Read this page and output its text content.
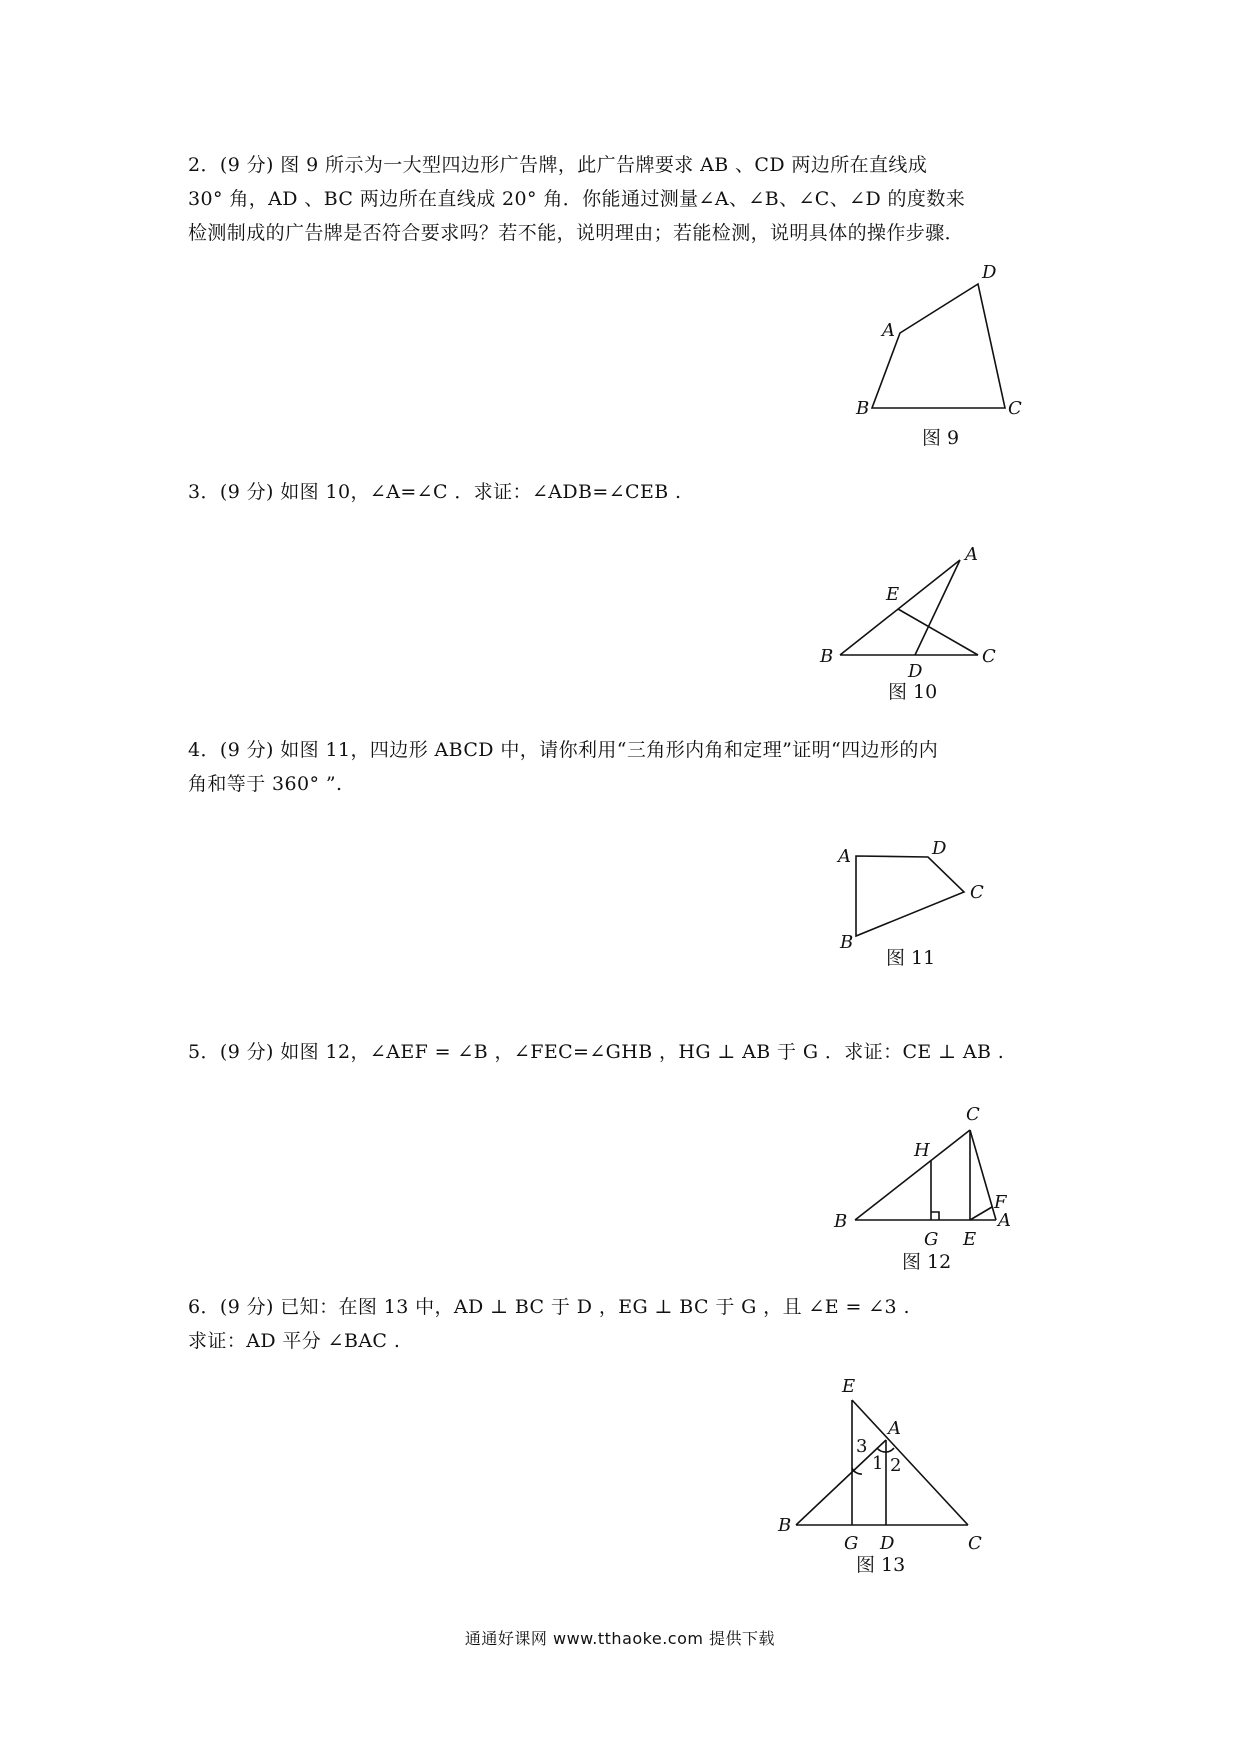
2．(9 分) 图 9 所示为一大型四边形广告牌，此广告牌要求 AB 、CD 两边所在直线成
30° 角，AD 、BC 两边所在直线成 20° 角．你能通过测量∠A、∠B、∠C、∠D 的度数来
检测制成的广告牌是否符合要求吗？若不能，说明理由；若能检测，说明具体的操作步骤．
A
D
B	C
图 9
3．(9 分) 如图 10，∠A=∠C ．求证：∠ADB=∠CEB .
A
E
B	C
D
图 10
4．(9 分) 如图 11，四边形 ABCD 中，请你利用“三角形内角和定理”证明“四边形的内
角和等于 360° ”.
A	D
C
B
图 11
5．(9 分) 如图 12，∠AEF = ∠B ，∠FEC=∠GHB ，HG ⊥ AB 于 G ．求证：CE ⊥ AB .
C
H
F
A
B
G E
图 12
6．(9 分) 已知：在图 13 中，AD ⊥ BC 于 D ，EG ⊥ BC 于 G ，且 ∠E = ∠3 .
求证：AD 平分 ∠BAC .
E
A
3
1 2
B
G D	C
图 13
通通好课网 www.tthaoke.com 提供下载
